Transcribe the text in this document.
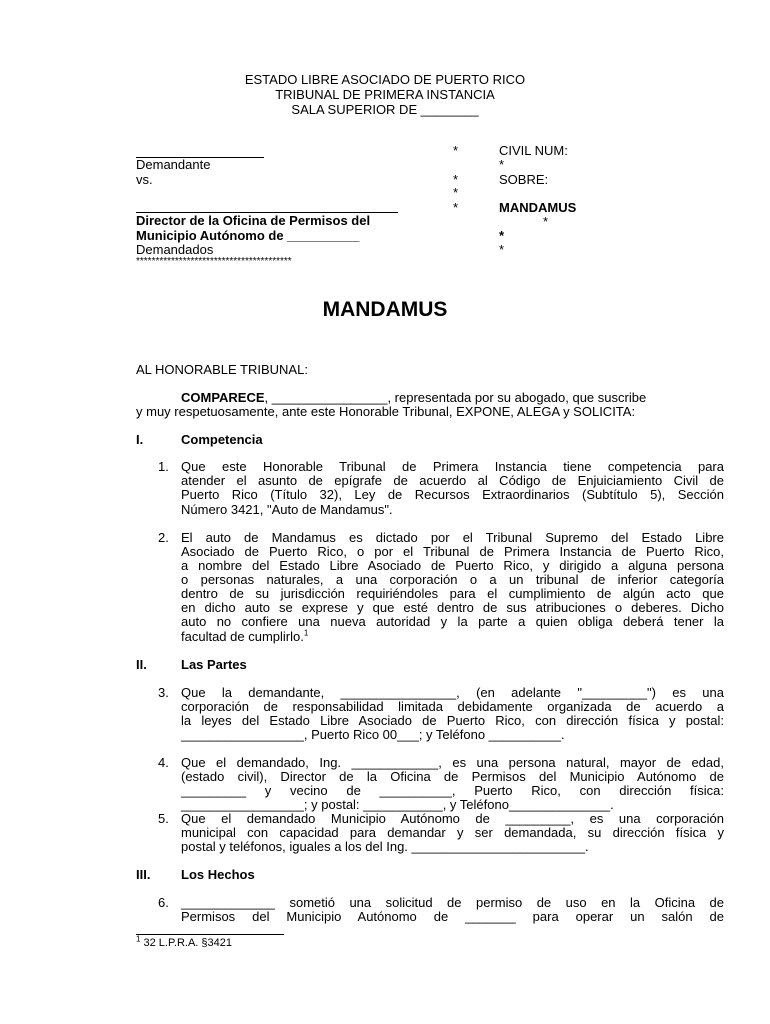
ESTADO LIBRE ASOCIADO DE PUERTO RICO
TRIBUNAL DE PRIMERA INSTANCIA
SALA SUPERIOR DE ________
Demandante
vs.
Director de la Oficina de Permisos del
Municipio Autónomo de __________
Demandados
****************************************
*
*
*
*
CIVIL NUM:
*
SOBRE:
MANDAMUS
*
*
*
MANDAMUS
AL HONORABLE TRIBUNAL:
COMPARECE, ________________, representada por su abogado, que suscribe
y muy respetuosamente, ante este Honorable Tribunal, EXPONE, ALEGA y SOLICITA:
I.	Competencia
1. Que este Honorable Tribunal de Primera Instancia tiene competencia para
atender el asunto de epígrafe de acuerdo al Código de Enjuiciamiento Civil de
Puerto Rico (Título 32), Ley de Recursos Extraordinarios (Subtítulo 5), Sección
Número 3421, "Auto de Mandamus".
2. El auto de Mandamus es dictado por el Tribunal Supremo del Estado Libre
Asociado de Puerto Rico, o por el Tribunal de Primera Instancia de Puerto Rico,
a nombre del Estado Libre Asociado de Puerto Rico, y dirigido a alguna persona
o personas naturales, a una corporación o a un tribunal de inferior categoría
dentro de su jurisdicción requiriéndoles para el cumplimiento de algún acto que
en dicho auto se exprese y que esté dentro de sus atribuciones o deberes. Dicho
auto no confiere una nueva autoridad y la parte a quien obliga deberá tener la
facultad de cumplirlo.$^1$
II.	Las Partes
3. Que la demandante, ________________, (en adelante "_________") es una
corporación de responsabilidad limitada debidamente organizada de acuerdo a
la leyes del Estado Libre Asociado de Puerto Rico, con dirección física y postal:
_________________, Puerto Rico 00___; y Teléfono __________.
4. Que el demandado, Ing. ____________, es una persona natural, mayor de edad,
(estado civil), Director de la Oficina de Permisos del Municipio Autónomo de
_________ y vecino de __________, Puerto Rico, con dirección física:
_________________; y postal: ___________, y Teléfono______________.
5. Que el demandado Municipio Autónomo de _________, es una corporación
municipal con capacidad para demandar y ser demandada, su dirección física y
postal y teléfonos, iguales a los del Ing. ________________________.
III. Los Hechos
6. _____________ sometió una solicitud de permiso de uso en la Oficina de
Permisos del Municipio Autónomo de _______ para operar un salón de
$^1$ 32 L.P.R.A. §3421
